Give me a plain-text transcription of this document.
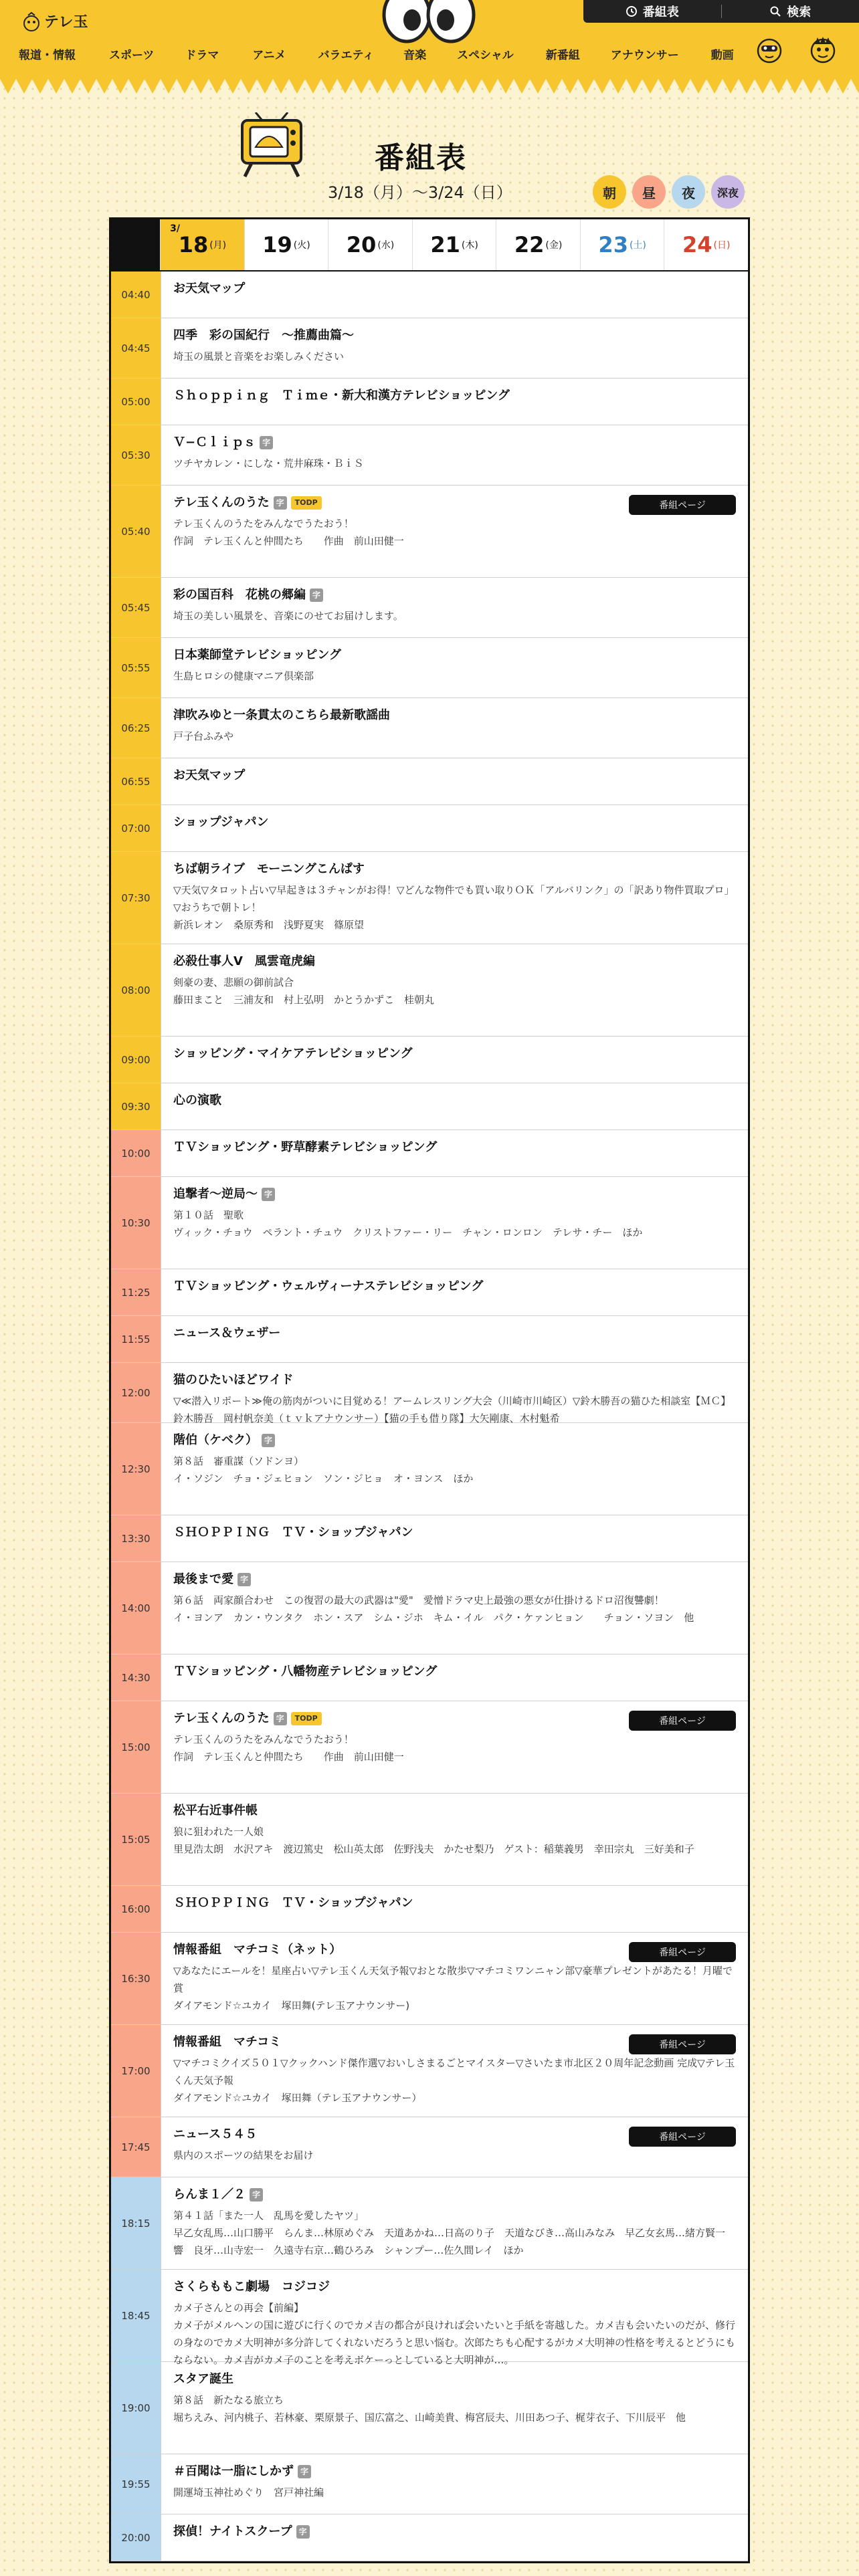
テレ玉
番組表	検索
報道・情報	スポーツ	ドラマ	アニメ	バラエティ	音楽	スペシャル	新番組	アナウンサー	動画
番組表
3/18（月）〜3/24（日）	朝	昼	夜	深夜
3/
18 (月) 19 (火) 20 (水) 21 (木) 22 (金) 23 (土) 24 (日)
04:40	お天気マップ
04:45
四季　彩の国紀行　〜推薦曲篇〜
埼玉の風景と音楽をお楽しみください
05:00	Ｓｈｏｐｐｉｎｇ　Ｔｉｍｅ・新大和漢方テレビショッピング
05:30
Ｖ−Ｃｌｉｐｓ 字
ツチヤカレン・にしな・荒井麻珠・ＢｉＳ
05:40
テレ玉くんのうた 字	TODP
テレ玉くんのうたをみんなでうたおう！
作詞　テレ玉くんと仲間たち　　作曲　前山田健一
番組ページ
05:45
彩の国百科　花桃の郷編 字
埼玉の美しい風景を、音楽にのせてお届けします。
05:55
日本薬師堂テレビショッピング
生島ヒロシの健康マニア倶楽部
06:25
津吹みゆと一条貫太のこちら最新歌謡曲
戸子台ふみや
06:55	お天気マップ
07:00	ショップジャパン
07:30
ちば朝ライブ　モーニングこんぱす
▽天気▽タロット占い▽早起きは３チャンがお得！▽どんな物件でも買い取りＯＫ「アルバリンク」の「訳あり物件買取プロ」　▽おうちで朝トレ！
新浜レオン　桑原秀和　浅野夏実　篠原望
08:00
必殺仕事人Ⅴ　風雲竜虎編
剣豪の妻、悲願の御前試合
藤田まこと　三浦友和　村上弘明　かとうかずこ　桂朝丸
09:00	ショッピング・マイケアテレビショッピング
09:30	心の演歌
10:00	ＴＶショッピング・野草酵素テレビショッピング
10:30
追撃者〜逆局〜 字
第１０話　聖歌
ヴィック・チョウ　ペラント・チュウ　クリストファー・リー　チャン・ロンロン　テレサ・チー　ほか
11:25	ＴＶショッピング・ウェルヴィーナステレビショッピング
11:55	ニュース＆ウェザー
12:00
猫のひたいほどワイド
▽≪潜入リポート≫俺の筋肉がついに目覚める！アームレスリング大会（川崎市川崎区）▽鈴木勝吾の猫ひた相談室【ＭＣ】鈴木勝吾　岡村帆奈美（ｔｖｋアナウンサー）【猫の手も借り隊】大矢剛康、木村魁希
12:30
階伯（ケベク） 字
第８話　審重謀（ソドンヨ）
イ・ソジン　チョ・ジェヒョン　ソン・ジヒョ　オ・ヨンス　ほか
13:30	ＳＨＯＰＰＩＮＧ　ＴＶ・ショップジャパン
14:00
最後まで愛 字
第６話　両家顔合わせ　この復習の最大の武器は"愛"　愛憎ドラマ史上最強の悪女が仕掛けるドロ沼復讐劇！
イ・ヨンア　カン・ウンタク　ホン・スア　シム・ジホ　キム・イル　パク・ケァンヒョン　　チョン・ソヨン　他
14:30	ＴＶショッピング・八幡物産テレビショッピング
15:00
テレ玉くんのうた 字	TODP
テレ玉くんのうたをみんなでうたおう！
作詞　テレ玉くんと仲間たち　　作曲　前山田健一
番組ページ
15:05
松平右近事件帳
狼に狙われた一人娘
里見浩太朗　水沢アキ　渡辺篤史　松山英太郎　佐野浅夫　かたせ梨乃　ゲスト：稲葉義男　幸田宗丸　三好美和子
16:00	ＳＨＯＰＰＩＮＧ　ＴＶ・ショップジャパン
16:30
情報番組　マチコミ（ネット）
▽あなたにエールを！星座占い▽テレ玉くん天気予報▽おとな散歩▽マチコミワンニャン部▽豪華プレゼントがあたる！月曜で賞
ダイアモンド☆ユカイ　塚田舞(テレ玉アナウンサー)
番組ページ
17:00
情報番組　マチコミ
▽マチコミクイズ５０１▽クックハンド傑作選▽おいしさまるごとマイスター▽さいたま市北区２０周年記念動画 完成▽テレ玉くん天気予報
ダイアモンド☆ユカイ　塚田舞（テレ玉アナウンサー）
番組ページ
17:45
ニュース５４５
県内のスポーツの結果をお届け
番組ページ
18:15
らんま１／２ 字
第４１話「また一人　乱馬を愛したヤツ」
早乙女乱馬…山口勝平　らんま…林原めぐみ　天道あかね…日高のり子　天道なびき…高山みなみ　早乙女玄馬…緒方賢一　響　良牙…山寺宏一　久遠寺右京…鶴ひろみ　シャンプー…佐久間レイ　ほか
18:45
さくらももこ劇場　コジコジ
カメ子さんとの再会【前編】
カメ子がメルヘンの国に遊びに行くのでカメ吉の都合が良ければ会いたいと手紙を寄越した。カメ吉も会いたいのだが、修行の身なのでカメ大明神が多分許してくれないだろうと思い悩む。次郎たちも心配するがカメ大明神の性格を考えるとどうにもならない。カメ吉がカメ子のことを考えボケーっとしていると大明神が…。
19:00
スタア誕生
第８話　新たなる旅立ち
堀ちえみ、河内桃子、若林豪、栗原景子、国広富之、山崎美貴、梅宮辰夫、川田あつ子、梶芽衣子、下川辰平　他
19:55
＃百聞は一脂にしかず 字
開運埼玉神社めぐり　宮戸神社編
20:00	探偵！ナイトスクープ 字
